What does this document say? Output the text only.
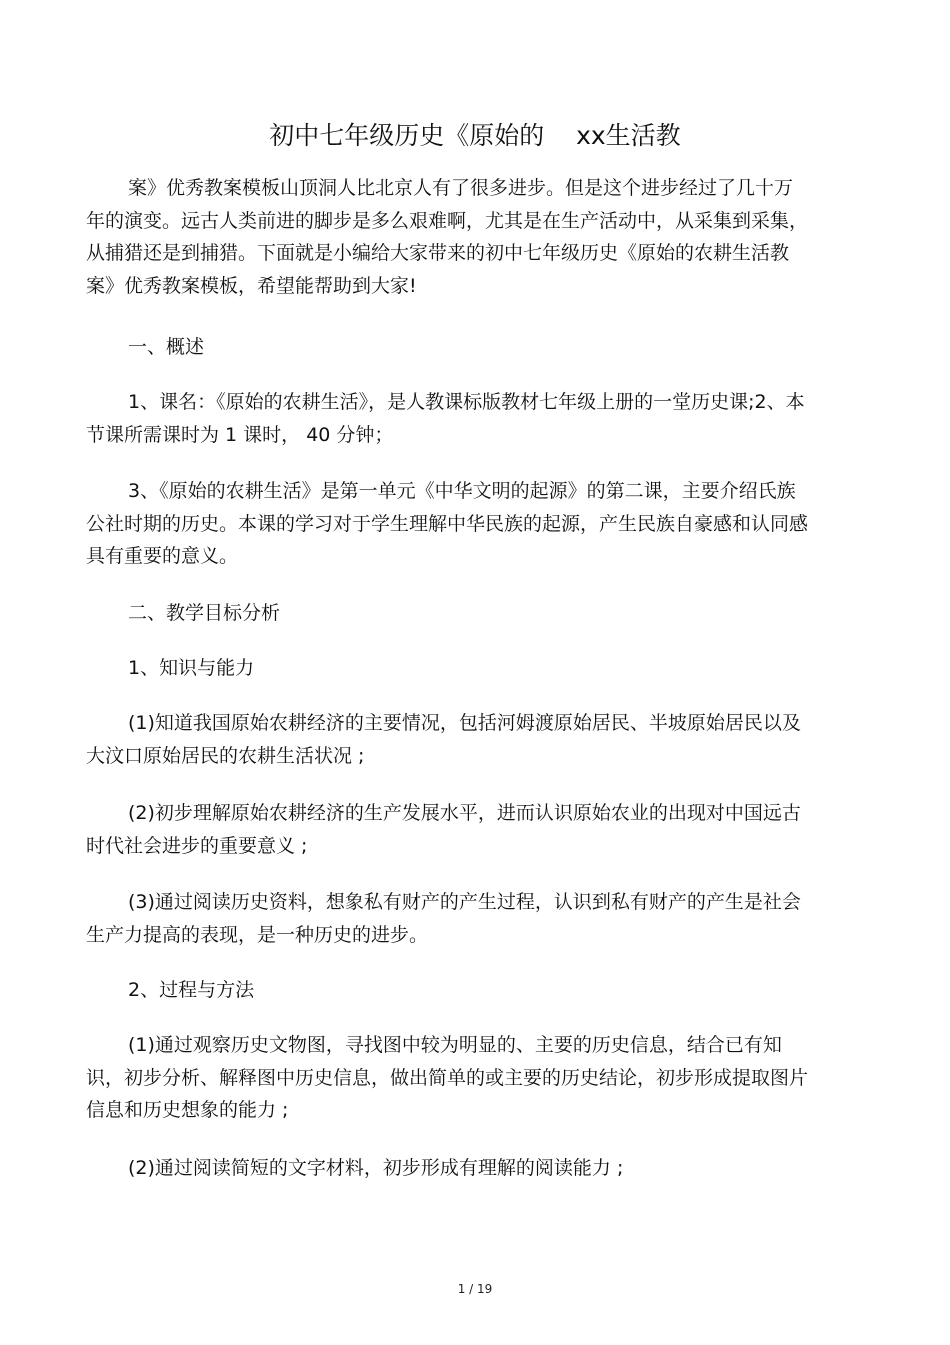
初中七年级历史《原始的    xx生活教

案》优秀教案模板山顶洞人比北京人有了很多进步。但是这个进步经过了几十万年的演变。远古人类前进的脚步是多么艰难啊，尤其是在生产活动中，从采集到采集，从捕猎还是到捕猎。下面就是小编给大家带来的初中七年级历史《原始的农耕生活教案》优秀教案模板，希望能帮助到大家!

一、概述

1、课名：《原始的农耕生活》，是人教课标版教材七年级上册的一堂历史课;2、本节课所需课时为 1 课时， 40 分钟；

3、《原始的农耕生活》是第一单元《中华文明的起源》的第二课，主要介绍氏族公社时期的历史。本课的学习对于学生理解中华民族的起源，产生民族自豪感和认同感具有重要的意义。

二、教学目标分析
1、知识与能力

(1)知道我国原始农耕经济的主要情况，包括河姆渡原始居民、半坡原始居民以及大汶口原始居民的农耕生活状况 ;

(2)初步理解原始农耕经济的生产发展水平，进而认识原始农业的出现对中国远古时代社会进步的重要意义 ;

(3)通过阅读历史资料，想象私有财产的产生过程，认识到私有财产的产生是社会生产力提高的表现，是一种历史的进步。

2、过程与方法

(1)通过观察历史文物图，寻找图中较为明显的、主要的历史信息，结合已有知识，初步分析、解释图中历史信息，做出简单的或主要的历史结论，初步形成提取图片信息和历史想象的能力 ;

(2)通过阅读简短的文字材料，初步形成有理解的阅读能力 ;

1 / 19
